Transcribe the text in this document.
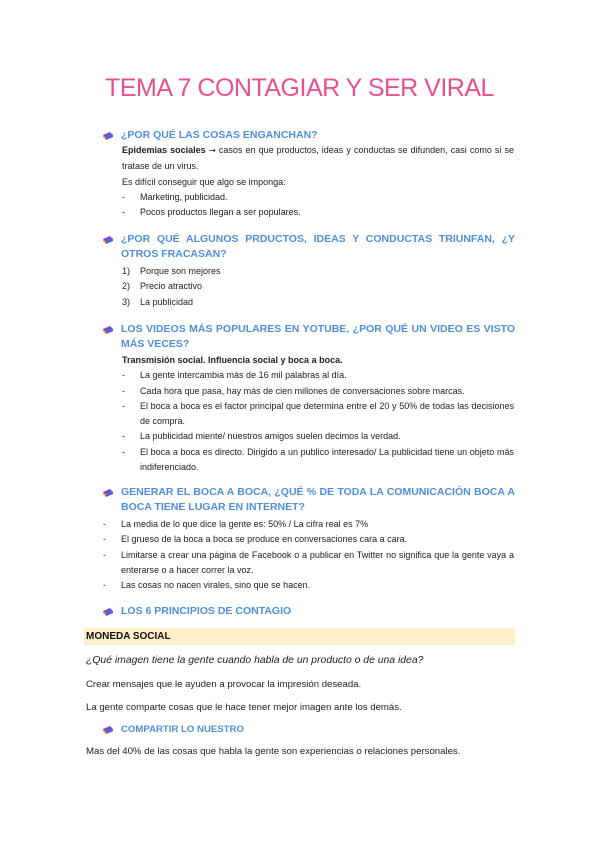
TEMA 7 CONTAGIAR Y SER VIRAL
¿POR QUÉ LAS COSAS ENGANCHAN?
Epidemias sociales → casos en que productos, ideas y conductas se difunden, casi como si se tratase de un virus.
Es difícil conseguir que algo se imponga:
-	Marketing, publicidad.
-	Pocos productos llegan a ser populares.
¿POR QUÉ ALGUNOS PRDUCTOS, IDEAS Y CONDUCTAS TRIUNFAN, ¿Y OTROS FRACASAN?
1)	Porque son mejores
2)	Precio atractivo
3)	La publicidad
LOS VIDEOS MÁS POPULARES EN YOTUBE, ¿POR QUÉ UN VIDEO ES VISTO MÁS VECES?
Transmisión social. Influencia social y boca a boca.
-	La gente intercambia más de 16 mil palabras al día.
-	Cada hora que pasa, hay más de cien millones de conversaciones sobre marcas.
-	El boca a boca es el factor principal que determina entre el 20 y 50% de todas las decisiones de compra.
-	La publicidad miente/ nuestros amigos suelen decimos la verdad.
-	El boca a boca es directo. Dirigido a un publico interesado/ La publicidad tiene un objeto más indiferenciado.
GENERAR EL BOCA A BOCA, ¿QUÉ % DE TODA LA COMUNICACIÓN BOCA A BOCA TIENE LUGAR EN INTERNET?
-	La media de lo que dice la gente es: 50% / La cifra real es 7%
-	El grueso de la boca a boca se produce en conversaciones cara a cara.
-	Limitarse a crear una página de Facebook o a publicar en Twitter no significa que la gente vaya a enterarse o a hacer correr la voz.
-	Las cosas no nacen virales, sino que se hacen.
LOS 6 PRINCIPIOS DE CONTAGIO
MONEDA SOCIAL
¿Qué imagen tiene la gente cuando habla de un producto o de una idea?
Crear mensajes que le ayuden a provocar la impresión deseada.
La gente comparte cosas que le hace tener mejor imagen ante los demás.
COMPARTIR LO NUESTRO
Mas del 40% de las cosas que habla la gente son experiencias o relaciones personales.
